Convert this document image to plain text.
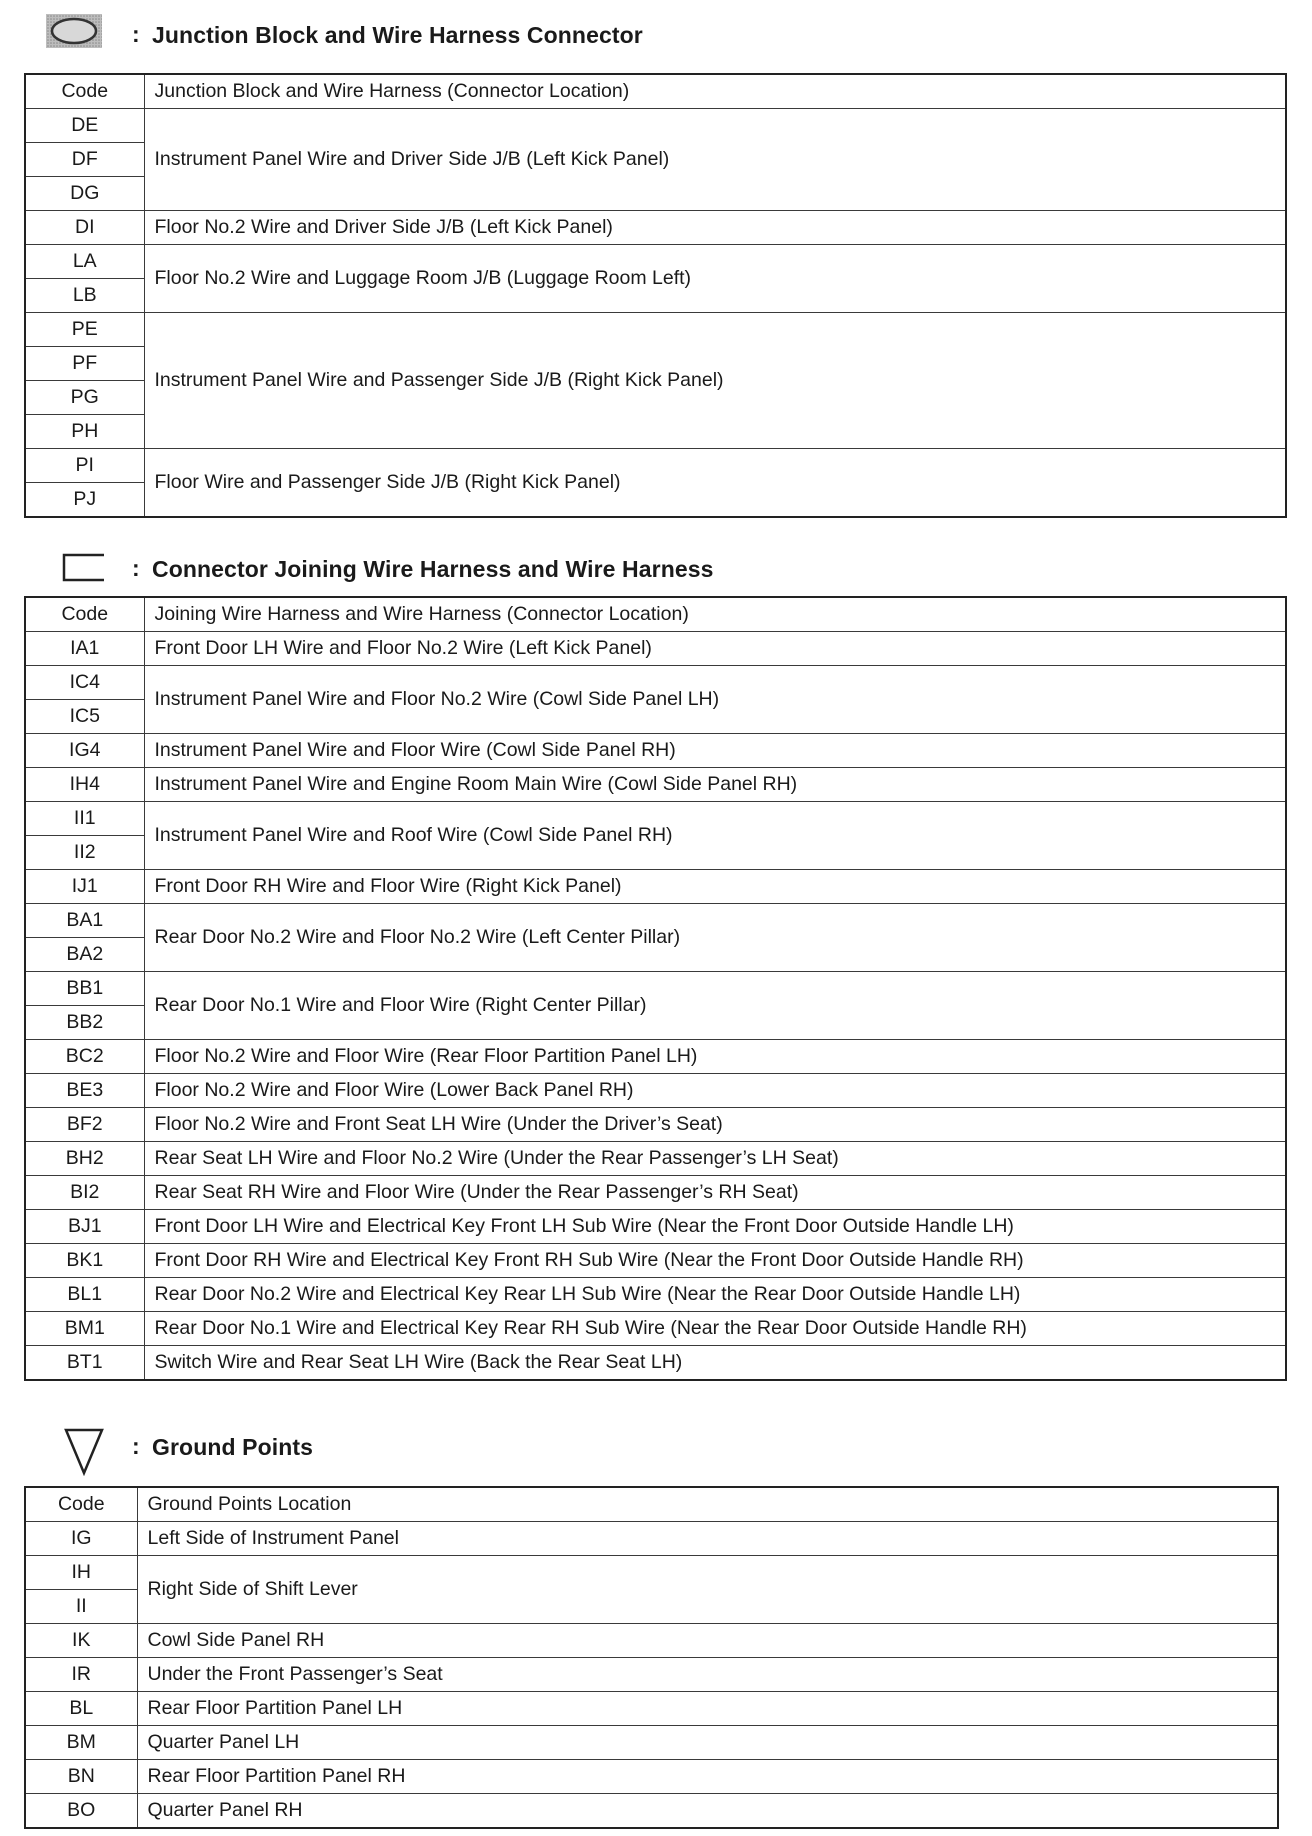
: Junction Block and Wire Harness Connector
Code	Junction Block and Wire Harness (Connector Location)
DE	Instrument Panel Wire and Driver Side J/B (Left Kick Panel)
DF	
DG	
DI	Floor No.2 Wire and Driver Side J/B (Left Kick Panel)
LA	Floor No.2 Wire and Luggage Room J/B (Luggage Room Left)
LB	
PE	Instrument Panel Wire and Passenger Side J/B (Right Kick Panel)
PF	
PG	
PH	
PI	Floor Wire and Passenger Side J/B (Right Kick Panel)
PJ	
: Connector Joining Wire Harness and Wire Harness
Code	Joining Wire Harness and Wire Harness (Connector Location)
IA1	Front Door LH Wire and Floor No.2 Wire (Left Kick Panel)
IC4	Instrument Panel Wire and Floor No.2 Wire (Cowl Side Panel LH)
IC5	
IG4	Instrument Panel Wire and Floor Wire (Cowl Side Panel RH)
IH4	Instrument Panel Wire and Engine Room Main Wire (Cowl Side Panel RH)
II1	Instrument Panel Wire and Roof Wire (Cowl Side Panel RH)
II2	
IJ1	Front Door RH Wire and Floor Wire (Right Kick Panel)
BA1	Rear Door No.2 Wire and Floor No.2 Wire (Left Center Pillar)
BA2	
BB1	Rear Door No.1 Wire and Floor Wire (Right Center Pillar)
BB2	
BC2	Floor No.2 Wire and Floor Wire (Rear Floor Partition Panel LH)
BE3	Floor No.2 Wire and Floor Wire (Lower Back Panel RH)
BF2	Floor No.2 Wire and Front Seat LH Wire (Under the Driver’s Seat)
BH2	Rear Seat LH Wire and Floor No.2 Wire (Under the Rear Passenger’s LH Seat)
BI2	Rear Seat RH Wire and Floor Wire (Under the Rear Passenger’s RH Seat)
BJ1	Front Door LH Wire and Electrical Key Front LH Sub Wire (Near the Front Door Outside Handle LH)
BK1	Front Door RH Wire and Electrical Key Front RH Sub Wire (Near the Front Door Outside Handle RH)
BL1	Rear Door No.2 Wire and Electrical Key Rear LH Sub Wire (Near the Rear Door Outside Handle LH)
BM1	Rear Door No.1 Wire and Electrical Key Rear RH Sub Wire (Near the Rear Door Outside Handle RH)
BT1	Switch Wire and Rear Seat LH Wire (Back the Rear Seat LH)
: Ground Points
Code	Ground Points Location
IG	Left Side of Instrument Panel
IH	Right Side of Shift Lever
II	
IK	Cowl Side Panel RH
IR	Under the Front Passenger’s Seat
BL	Rear Floor Partition Panel LH
BM	Quarter Panel LH
BN	Rear Floor Partition Panel RH
BO	Quarter Panel RH
